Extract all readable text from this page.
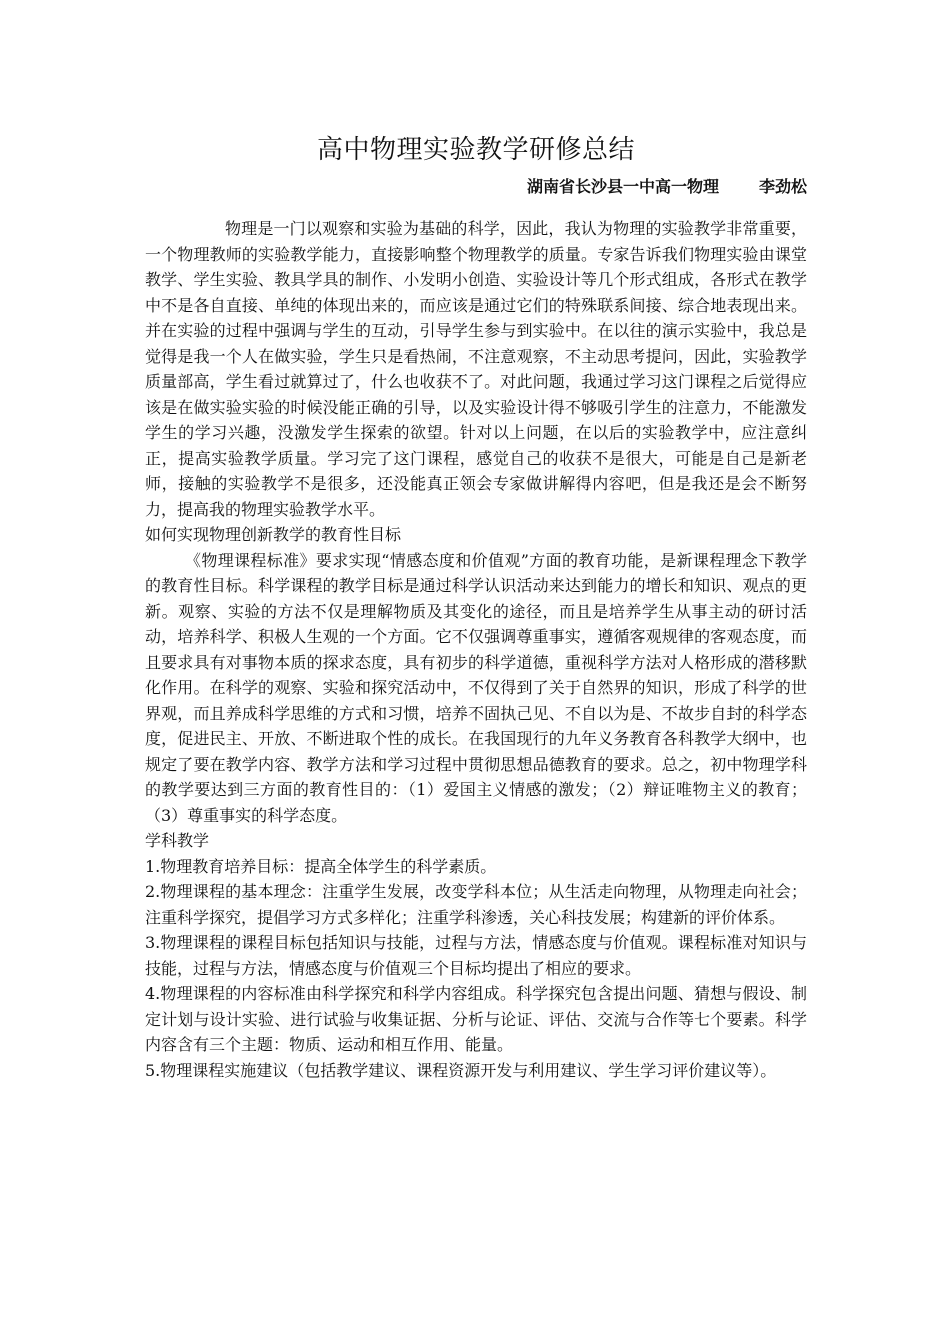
高中物理实验教学研修总结
湖南省长沙县一中高一物理	李劲松

物理是一门以观察和实验为基础的科学，因此，我认为物理的实验教学非常重要，一个物理教师的实验教学能力，直接影响整个物理教学的质量。专家告诉我们物理实验由课堂教学、学生实验、教具学具的制作、小发明小创造、实验设计等几个形式组成，各形式在教学中不是各自直接、单纯的体现出来的，而应该是通过它们的特殊联系间接、综合地表现出来。并在实验的过程中强调与学生的互动，引导学生参与到实验中。在以往的演示实验中，我总是觉得是我一个人在做实验，学生只是看热闹，不注意观察，不主动思考提问，因此，实验教学质量部高，学生看过就算过了，什么也收获不了。对此问题，我通过学习这门课程之后觉得应该是在做实验实验的时候没能正确的引导，以及实验设计得不够吸引学生的注意力，不能激发学生的学习兴趣，没激发学生探索的欲望。针对以上问题，在以后的实验教学中，应注意纠正，提高实验教学质量。学习完了这门课程，感觉自己的收获不是很大，可能是自己是新老师，接触的实验教学不是很多，还没能真正领会专家做讲解得内容吧，但是我还是会不断努力，提高我的物理实验教学水平。

如何实现物理创新教学的教育性目标

《物理课程标准》要求实现“情感态度和价值观”方面的教育功能，是新课程理念下教学的教育性目标。科学课程的教学目标是通过科学认识活动来达到能力的增长和知识、观点的更新。观察、实验的方法不仅是理解物质及其变化的途径，而且是培养学生从事主动的研讨活动，培养科学、积极人生观的一个方面。它不仅强调尊重事实，遵循客观规律的客观态度，而且要求具有对事物本质的探求态度，具有初步的科学道德，重视科学方法对人格形成的潜移默化作用。在科学的观察、实验和探究活动中，不仅得到了关于自然界的知识，形成了科学的世界观，而且养成科学思维的方式和习惯，培养不固执己见、不自以为是、不故步自封的科学态度，促进民主、开放、不断进取个性的成长。在我国现行的九年义务教育各科教学大纲中，也规定了要在教学内容、教学方法和学习过程中贯彻思想品德教育的要求。总之，初中物理学科的教学要达到三方面的教育性目的：（1）爱国主义情感的激发；（2）辩证唯物主义的教育；（3）尊重事实的科学态度。

学科教学

1.物理教育培养目标：提高全体学生的科学素质。

2.物理课程的基本理念：注重学生发展，改变学科本位；从生活走向物理，从物理走向社会；注重科学探究，提倡学习方式多样化；注重学科渗透，关心科技发展；构建新的评价体系。

3.物理课程的课程目标包括知识与技能，过程与方法，情感态度与价值观。课程标准对知识与技能，过程与方法，情感态度与价值观三个目标均提出了相应的要求。

4.物理课程的内容标准由科学探究和科学内容组成。科学探究包含提出问题、猜想与假设、制定计划与设计实验、进行试验与收集证据、分析与论证、评估、交流与合作等七个要素。科学内容含有三个主题：物质、运动和相互作用、能量。

5.物理课程实施建议（包括教学建议、课程资源开发与利用建议、学生学习评价建议等）。
